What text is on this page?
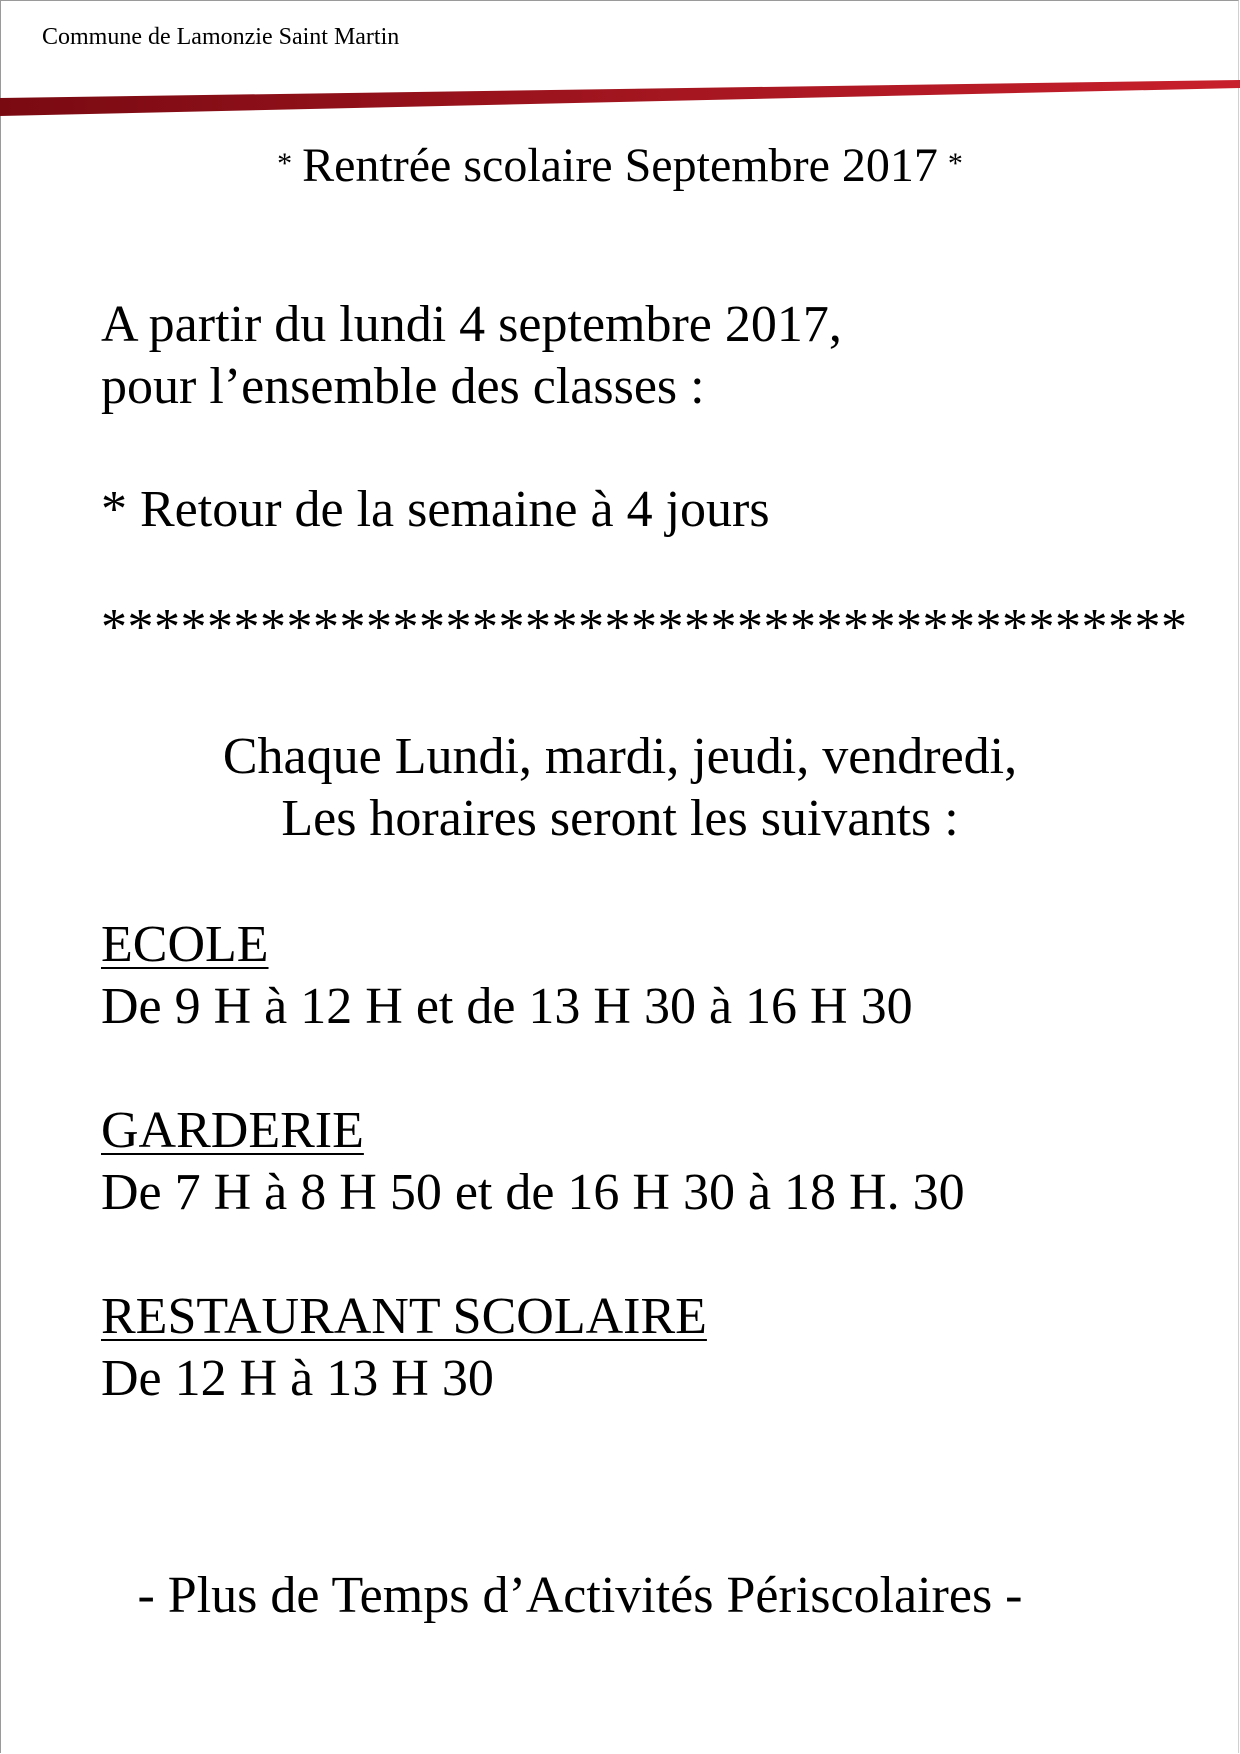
Commune de Lamonzie Saint Martin
* Rentrée scolaire Septembre 2017 *
A partir du lundi 4 septembre 2017,
pour l’ensemble des classes :
* Retour de la semaine à 4 jours
*****************************************
Chaque Lundi, mardi, jeudi, vendredi,
Les horaires seront les suivants :
ECOLE
De 9 H à 12 H et de 13 H 30 à 16 H 30
GARDERIE
De 7 H à 8 H 50 et de 16 H 30 à 18 H. 30
RESTAURANT SCOLAIRE
De 12 H à 13 H 30
- Plus de Temps d’Activités Périscolaires -
